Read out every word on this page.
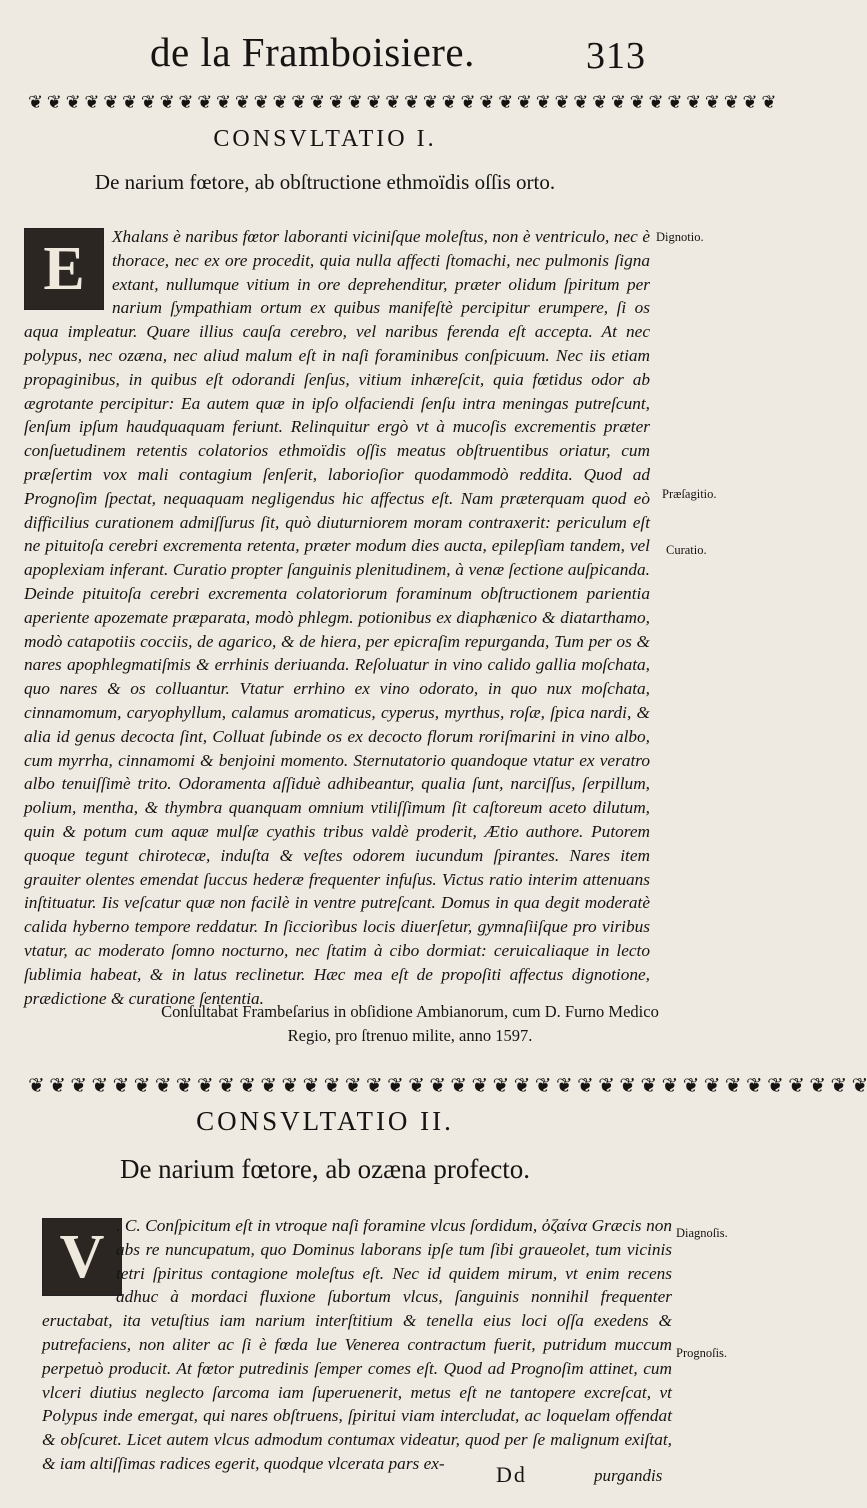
de la Framboisiere.	313
❦ ❦ ❦ ❦ ❦ ❦ ❦ ❦ ❦ ❦ ❦ ❦ ❦ ❦ ❦ ❦ ❦ ❦ ❦ ❦ ❦ ❦ ❦ ❦ ❦ ❦ ❦ ❦ ❦ ❦ ❦ ❦ ❦ ❦ ❦ ❦ ❦ ❦ ❦ ❦
CONSVLTATIO I.
De narium fœtore, ab obſtructione ethmoïdis oſſis orto.
E	Xhalans è naribus fœtor laboranti viciniſque moleſtus, non è ventriculo, nec è thorace, nec ex ore procedit, quia nulla affecti ſtomachi, nec pulmonis ſigna extant, nullumque vitium in ore deprehenditur, præter olidum ſpiritum per narium ſympathiam ortum ex quibus manifeſtè percipitur erumpere, ſi os aqua impleatur. Quare illius cauſa cerebro, vel naribus ferenda eſt accepta. At nec polypus, nec ozæna, nec aliud malum eſt in naſi foraminibus conſpicuum. Nec iis etiam propaginibus, in quibus eſt odorandi ſenſus, vitium inhæreſcit, quia fœtidus odor ab ægrotante percipitur: Ea autem quæ in ipſo olfaciendi ſenſu intra meningas putreſcunt, ſenſum ipſum haudquaquam feriunt. Relinquitur ergò vt à mucoſis excrementis præter conſuetudinem retentis colatorios ethmoïdis oſſis meatus obſtruentibus oriatur, cum præſertim vox mali contagium ſenſerit, laborioſior quodammodò reddita. Quod ad Prognoſim ſpectat, nequaquam negligendus hic affectus eſt. Nam præterquam quod eò difficilius curationem admiſſurus ſit, quò diuturniorem moram contraxerit: periculum eſt ne pituitoſa cerebri excrementa retenta, præter modum dies aucta, epilepſiam tandem, vel apoplexiam inferant. Curatio propter ſanguinis plenitudinem, à venæ ſectione auſpicanda. Deinde pituitoſa cerebri excrementa colatoriorum foraminum obſtructionem parientia aperiente apozemate præparata, modò phlegm. potionibus ex diaphænico & diatarthamo, modò catapotiis cocciis, de agarico, & de hiera, per epicraſim repurganda, Tum per os & nares apophlegmatiſmis & errhinis deriuanda. Reſoluatur in vino calido gallia moſchata, quo nares & os colluantur. Vtatur errhino ex vino odorato, in quo nux moſchata, cinnamomum, caryophyllum, calamus aromaticus, cyperus, myrthus, roſæ, ſpica nardi, & alia id genus decocta ſint, Colluat ſubinde os ex decocto florum roriſmarini in vino albo, cum myrrha, cinnamomi & benjoini momento. Sternutatorio quandoque vtatur ex veratro albo tenuiſſimè trito. Odoramenta aſſiduè adhibeantur, qualia ſunt, narciſſus, ſerpillum, polium, mentha, & thymbra quanquam omnium vtiliſſimum ſit caſtoreum aceto dilutum, quin & potum cum aquæ mulſæ cyathis tribus valdè proderit, Ætio authore. Putorem quoque tegunt chirotecæ, induſta & veſtes odorem iucundum ſpirantes. Nares item grauiter olentes emendat ſuccus hederæ frequenter infuſus. Victus ratio interim attenuans inſtituatur. Iis veſcatur quæ non facilè in ventre putreſcant. Domus in qua degit moderatè calida hyberno tempore reddatur. In ſicciorìbus locis diuerſetur, gymnaſiiſque pro viribus vtatur, ac moderato ſomno nocturno, nec ſtatim à cibo dormiat: ceruicaliaque in lecto ſublimia habeat, & in latus reclinetur. Hæc mea eſt de propoſiti affectus dignotione, prædictione & curatione ſententia.

Dignotio.
Præſagitio.
Curatio.
Conſultabat Frambeſarius in obſidione Ambianorum, cum D. Furno Medico Regio, pro ſtrenuo milite, anno 1597.
❦ ❦ ❦ ❦ ❦ ❦ ❦ ❦ ❦ ❦ ❦ ❦ ❦ ❦ ❦ ❦ ❦ ❦ ❦ ❦ ❦ ❦ ❦ ❦ ❦ ❦ ❦ ❦ ❦ ❦ ❦ ❦ ❦ ❦ ❦ ❦ ❦ ❦ ❦ ❦
CONSVLTATIO II.
De narium fœtore, ab ozæna profecto.
V . C. Conſpicitum eſt in vtroque naſi foramine vlcus ſordidum, ὀζαίνα Græcis non abs re nuncupatum, quo Dominus laborans ipſe tum ſibi graueolet, tum vicinis tetri ſpiritus contagione moleſtus eſt. Nec id quidem mirum, vt enim recens adhuc à mordaci fluxione ſubortum vlcus, ſanguinis nonnihil frequenter eructabat, ita vetuſtius iam narium interſtitium & tenella eius loci oſſa exedens & putrefaciens, non aliter ac ſi è fœda lue Venerea contractum fuerit, putridum muccum perpetuò producit. At fœtor putredinis ſemper comes eſt. Quod ad Prognoſim attinet, cum vlceri diutius neglecto ſarcoma iam ſuperuenerit, metus eſt ne tantopere excreſcat, vt Polypus inde emergat, qui nares obſtruens, ſpiritui viam intercludat, ac loquelam offendat & obſcuret. Licet autem vlcus admodum contumax videatur, quod per ſe malignum exiſtat, & iam altiſſimas radices egerit, quodque vlcerata pars ex-

Diagnoſis.
Prognoſis.
Dd	purgandis
